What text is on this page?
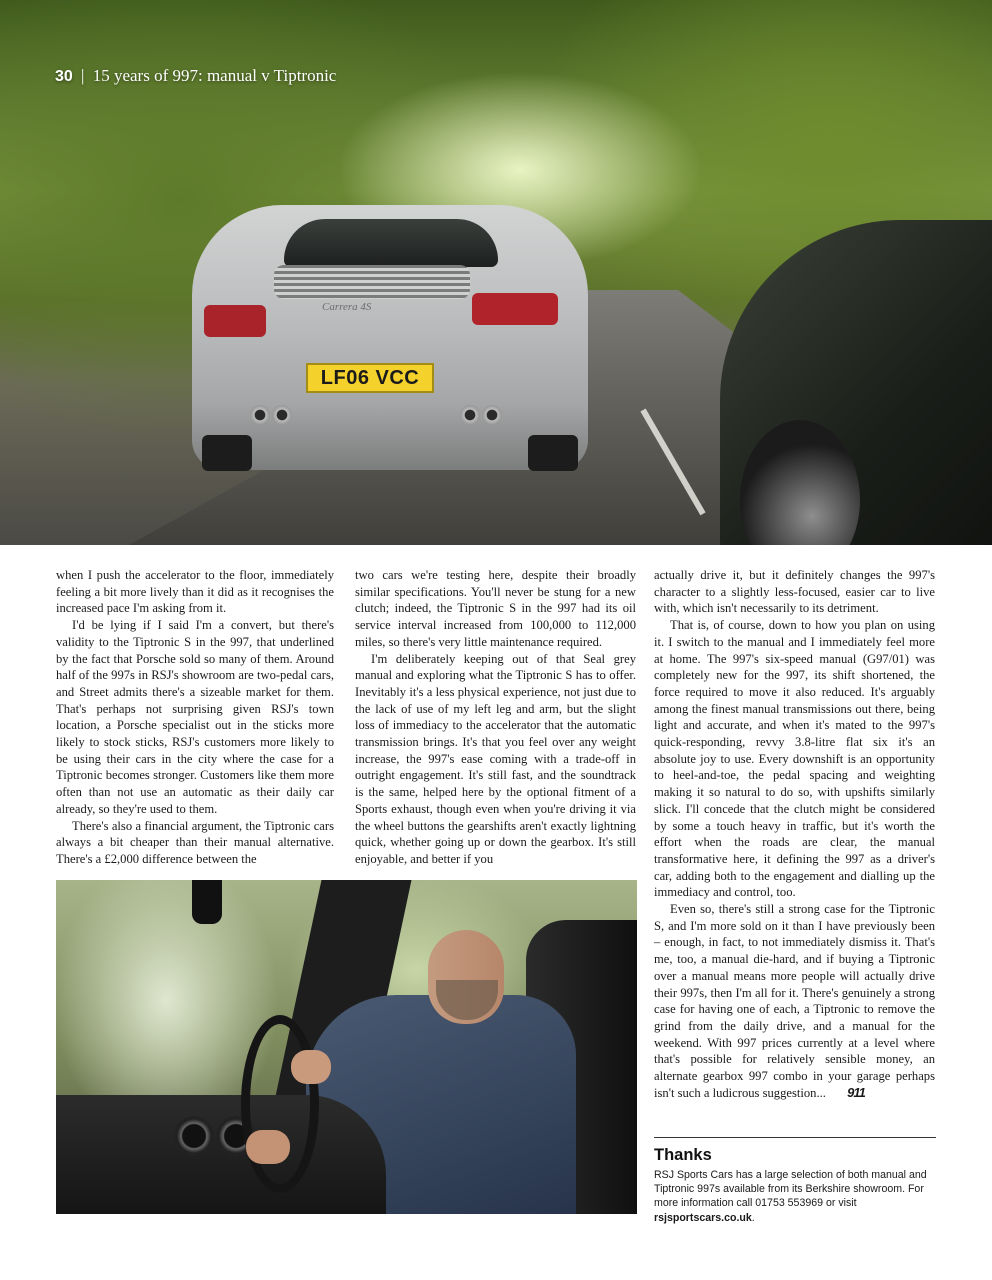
Carrera 4S
LF06 VCC
30 | 15 years of 997: manual v Tiptronic

when I push the accelerator to the floor, immediately feeling a bit more lively than it did as it recognises the increased pace I'm asking from it.

I'd be lying if I said I'm a convert, but there's validity to the Tiptronic S in the 997, that underlined by the fact that Porsche sold so many of them. Around half of the 997s in RSJ's showroom are two-pedal cars, and Street admits there's a sizeable market for them. That's perhaps not surprising given RSJ's town location, a Porsche specialist out in the sticks more likely to stock sticks, RSJ's customers more likely to be using their cars in the city where the case for a Tiptronic becomes stronger. Customers like them more often than not use an automatic as their daily car already, so they're used to them.

There's also a financial argument, the Tiptronic cars always a bit cheaper than their manual alternative. There's a £2,000 difference between the

two cars we're testing here, despite their broadly similar specifications. You'll never be stung for a new clutch; indeed, the Tiptronic S in the 997 had its oil service interval increased from 100,000 to 112,000 miles, so there's very little maintenance required.

I'm deliberately keeping out of that Seal grey manual and exploring what the Tiptronic S has to offer. Inevitably it's a less physical experience, not just due to the lack of use of my left leg and arm, but the slight loss of immediacy to the accelerator that the automatic transmission brings. It's that you feel over any weight increase, the 997's ease coming with a trade-off in outright engagement. It's still fast, and the soundtrack is the same, helped here by the optional fitment of a Sports exhaust, though even when you're driving it via the wheel buttons the gearshifts aren't exactly lightning quick, whether going up or down the gearbox. It's still enjoyable, and better if you

actually drive it, but it definitely changes the 997's character to a slightly less-focused, easier car to live with, which isn't necessarily to its detriment.

That is, of course, down to how you plan on using it. I switch to the manual and I immediately feel more at home. The 997's six-speed manual (G97/01) was completely new for the 997, its shift shortened, the force required to move it also reduced. It's arguably among the finest manual transmissions out there, being light and accurate, and when it's mated to the 997's quick-responding, revvy 3.8-litre flat six it's an absolute joy to use. Every downshift is an opportunity to heel-and-toe, the pedal spacing and weighting making it so natural to do so, with upshifts similarly slick. I'll concede that the clutch might be considered by some a touch heavy in traffic, but it's worth the effort when the roads are clear, the manual transformative here, it defining the 997 as a driver's car, adding both to the engagement and dialling up the immediacy and control, too.

Even so, there's still a strong case for the Tiptronic S, and I'm more sold on it than I have previously been – enough, in fact, to not immediately dismiss it. That's me, too, a manual die-hard, and if buying a Tiptronic over a manual means more people will actually drive their 997s, then I'm all for it. There's genuinely a strong case for having one of each, a Tiptronic to remove the grind from the daily drive, and a manual for the weekend. With 997 prices currently at a level where that's possible for relatively sensible money, an alternate gearbox 997 combo in your garage perhaps isn't such a ludicrous suggestion... 911

Thanks
RSJ Sports Cars has a large selection of both manual and Tiptronic 997s available from its Berkshire showroom. For more information call 01753 553969 or visit rsjsportscars.co.uk.
